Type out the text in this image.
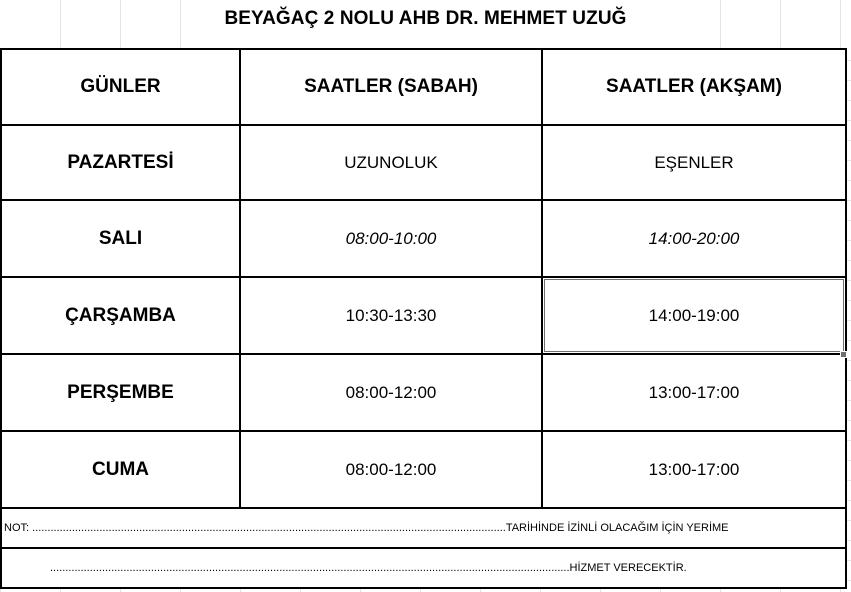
BEYAĞAÇ 2 NOLU AHB DR. MEHMET UZUĞ
GÜNLER	SAATLER (SABAH)	SAATLER (AKŞAM)
PAZARTESİ	UZUNOLUK	EŞENLER
SALI	08:00-10:00	14:00-20:00
ÇARŞAMBA	10:30-13:30	14:00-19:00
PERŞEMBE	08:00-12:00	13:00-17:00
CUMA	08:00-12:00	13:00-17:00

NOT: ...........................................................................................................................................................TARİHİNDE İZİNLİ OLACAĞIM İÇİN YERİME		

..........................................................................................................................................................................HİZMET VERECEKTİR.		
